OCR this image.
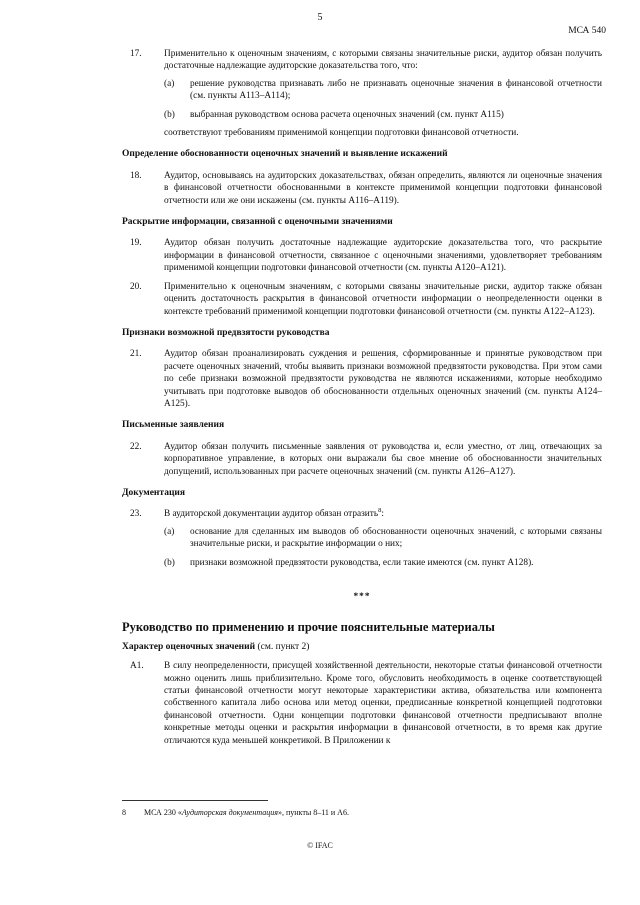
5
МСА 540
17.	Применительно к оценочным значениям, с которыми связаны значительные риски, аудитор обязан получить достаточные надлежащие аудиторские доказательства того, что:
(a)	решение руководства признавать либо не признавать оценочные значения в финансовой отчетности (см. пункты A113–A114);
(b)	выбранная руководством основа расчета оценочных значений (см. пункт A115)
соответствуют требованиям применимой концепции подготовки финансовой отчетности.
Определение обоснованности оценочных значений и выявление искажений
18.	Аудитор, основываясь на аудиторских доказательствах, обязан определить, являются ли оценочные значения в финансовой отчетности обоснованными в контексте применимой концепции подготовки финансовой отчетности или же они искажены (см. пункты A116–A119).
Раскрытие информации, связанной с оценочными значениями
19.	Аудитор обязан получить достаточные надлежащие аудиторские доказательства того, что раскрытие информации в финансовой отчетности, связанное с оценочными значениями, удовлетворяет требованиям применимой концепции подготовки финансовой отчетности (см. пункты A120–A121).
20.	Применительно к оценочным значениям, с которыми связаны значительные риски, аудитор также обязан оценить достаточность раскрытия в финансовой отчетности информации о неопределенности оценки в контексте требований применимой концепции подготовки финансовой отчетности (см. пункты A122–A123).
Признаки возможной предвзятости руководства
21.	Аудитор обязан проанализировать суждения и решения, сформированные и принятые руководством при расчете оценочных значений, чтобы выявить признаки возможной предвзятости руководства. При этом сами по себе признаки возможной предвзятости руководства не являются искажениями, которые необходимо учитывать при подготовке выводов об обоснованности отдельных оценочных значений (см. пункты A124–A125).
Письменные заявления
22.	Аудитор обязан получить письменные заявления от руководства и, если уместно, от лиц, отвечающих за корпоративное управление, в которых они выражали бы свое мнение об обоснованности значительных допущений, использованных при расчете оценочных значений (см. пункты A126–A127).
Документация
23.	В аудиторской документации аудитор обязан отразить$^8$:
(a)	основание для сделанных им выводов об обоснованности оценочных значений, с которыми связаны значительные риски, и раскрытие информации о них;
(b)	признаки возможной предвзятости руководства, если такие имеются (см. пункт A128).
***
Руководство по применению и прочие пояснительные материалы
Характер оценочных значений (см. пункт 2)
A1.	В силу неопределенности, присущей хозяйственной деятельности, некоторые статьи финансовой отчетности можно оценить лишь приблизительно. Кроме того, обусловить необходимость в оценке соответствующей статьи финансовой отчетности могут некоторые характеристики актива, обязательства или компонента собственного капитала либо основа или метод оценки, предписанные конкретной концепцией подготовки финансовой отчетности. Одни концепции подготовки финансовой отчетности предписывают вполне конкретные методы оценки и раскрытия информации в финансовой отчетности, в то время как другие отличаются куда меньшей конкретикой. В Приложении к
8	МСА 230 «Аудиторская документация», пункты 8–11 и A6.
© IFAC
